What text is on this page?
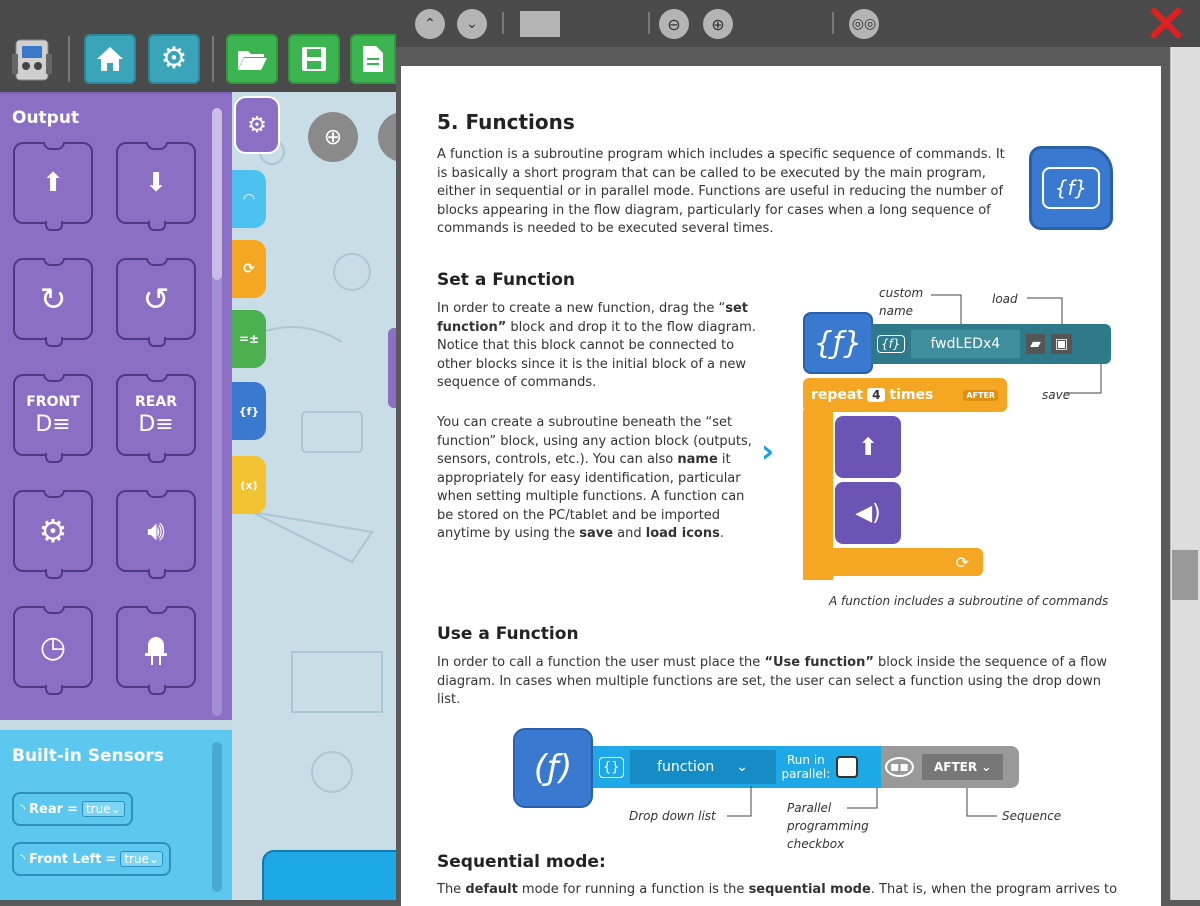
⚙
◠
⟳
=±
{f}
(x)
⊕
⚙
Output
⬆	⬇
↻ ↺
FRONT
D≡
REAR
D≡
⚙	🔊︎
◷
Built-in Sensors
◝ Rear = true⌄
◝ Front Left = true⌄
⌃ ⌄	⊖ ⊕	◎◎
5. Functions
A function is a subroutine program which includes a specific sequence of commands. It is basically a short program that can be called to be executed by the main program, either in sequential or in parallel mode. Functions are useful in reducing the number of blocks appearing in the flow diagram, particularly for cases when a long sequence of commands is needed to be executed several times.
{f}
Set a Function
In order to create a new function, drag the “set function” block and drop it to the flow diagram. Notice that this block cannot be connected to other blocks since it is the initial block of a new sequence of commands.
You can create a subroutine beneath the “set function” block, using any action block (outputs, sensors, controls, etc.). You can also name it appropriately for easy identification, particular when setting multiple functions. A function can be stored on the PC/tablet and be imported anytime by using the save and load icons.
›
custom
name
load
save
{ƒ}	{f}	fwdLEDx4	▰ ▣
repeat 4 times	AFTER
⟳
⬆
◀)
A function includes a subroutine of commands
Use a Function
In order to call a function the user must place the “Use function” block inside the sequence of a flow diagram. In cases when multiple functions are set, the user can select a function using the drop down list.
(ƒ)	{}	function ⌄	Run in
parallel:	▪▪	AFTER ⌄
Drop down list
Parallel
programming
checkbox
Sequence
Sequential mode:
The default mode for running a function is the sequential mode. That is, when the program arrives to
